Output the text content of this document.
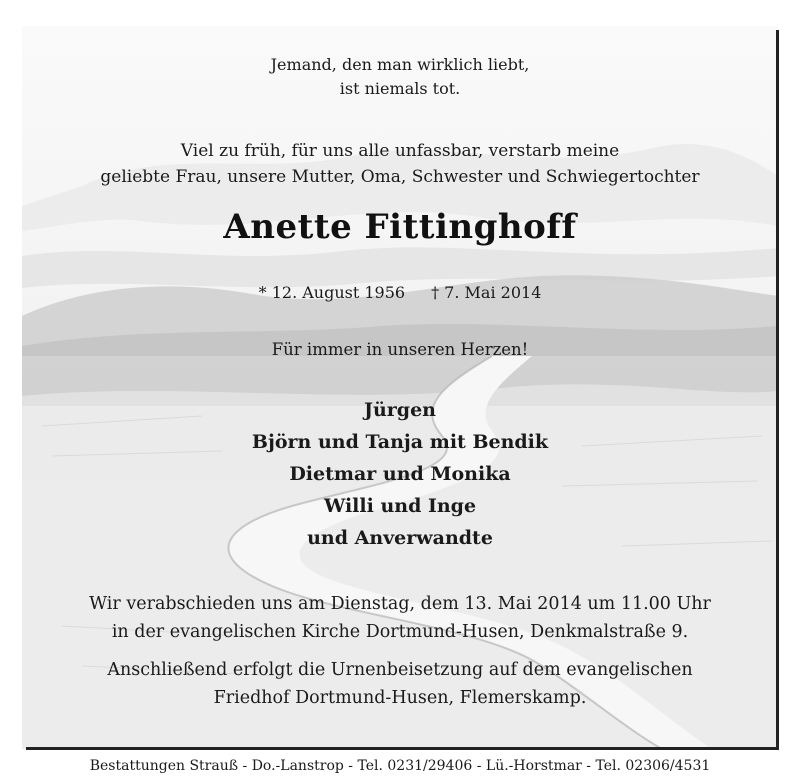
Jemand, den man wirklich liebt,
ist niemals tot.
Viel zu früh, für uns alle unfassbar, verstarb meine
geliebte Frau, unsere Mutter, Oma, Schwester und Schwiegertochter
Anette Fittinghoff
* 12. August 1956 † 7. Mai 2014
Für immer in unseren Herzen!
Jürgen
Björn und Tanja mit Bendik
Dietmar und Monika
Willi und Inge
und Anverwandte
Wir verabschieden uns am Dienstag, dem 13. Mai 2014 um 11.00 Uhr
in der evangelischen Kirche Dortmund-Husen, Denkmalstraße 9.
Anschließend erfolgt die Urnenbeisetzung auf dem evangelischen
Friedhof Dortmund-Husen, Flemerskamp.
Bestattungen Strauß - Do.-Lanstrop - Tel. 0231/29406 - Lü.-Horstmar - Tel. 02306/4531
